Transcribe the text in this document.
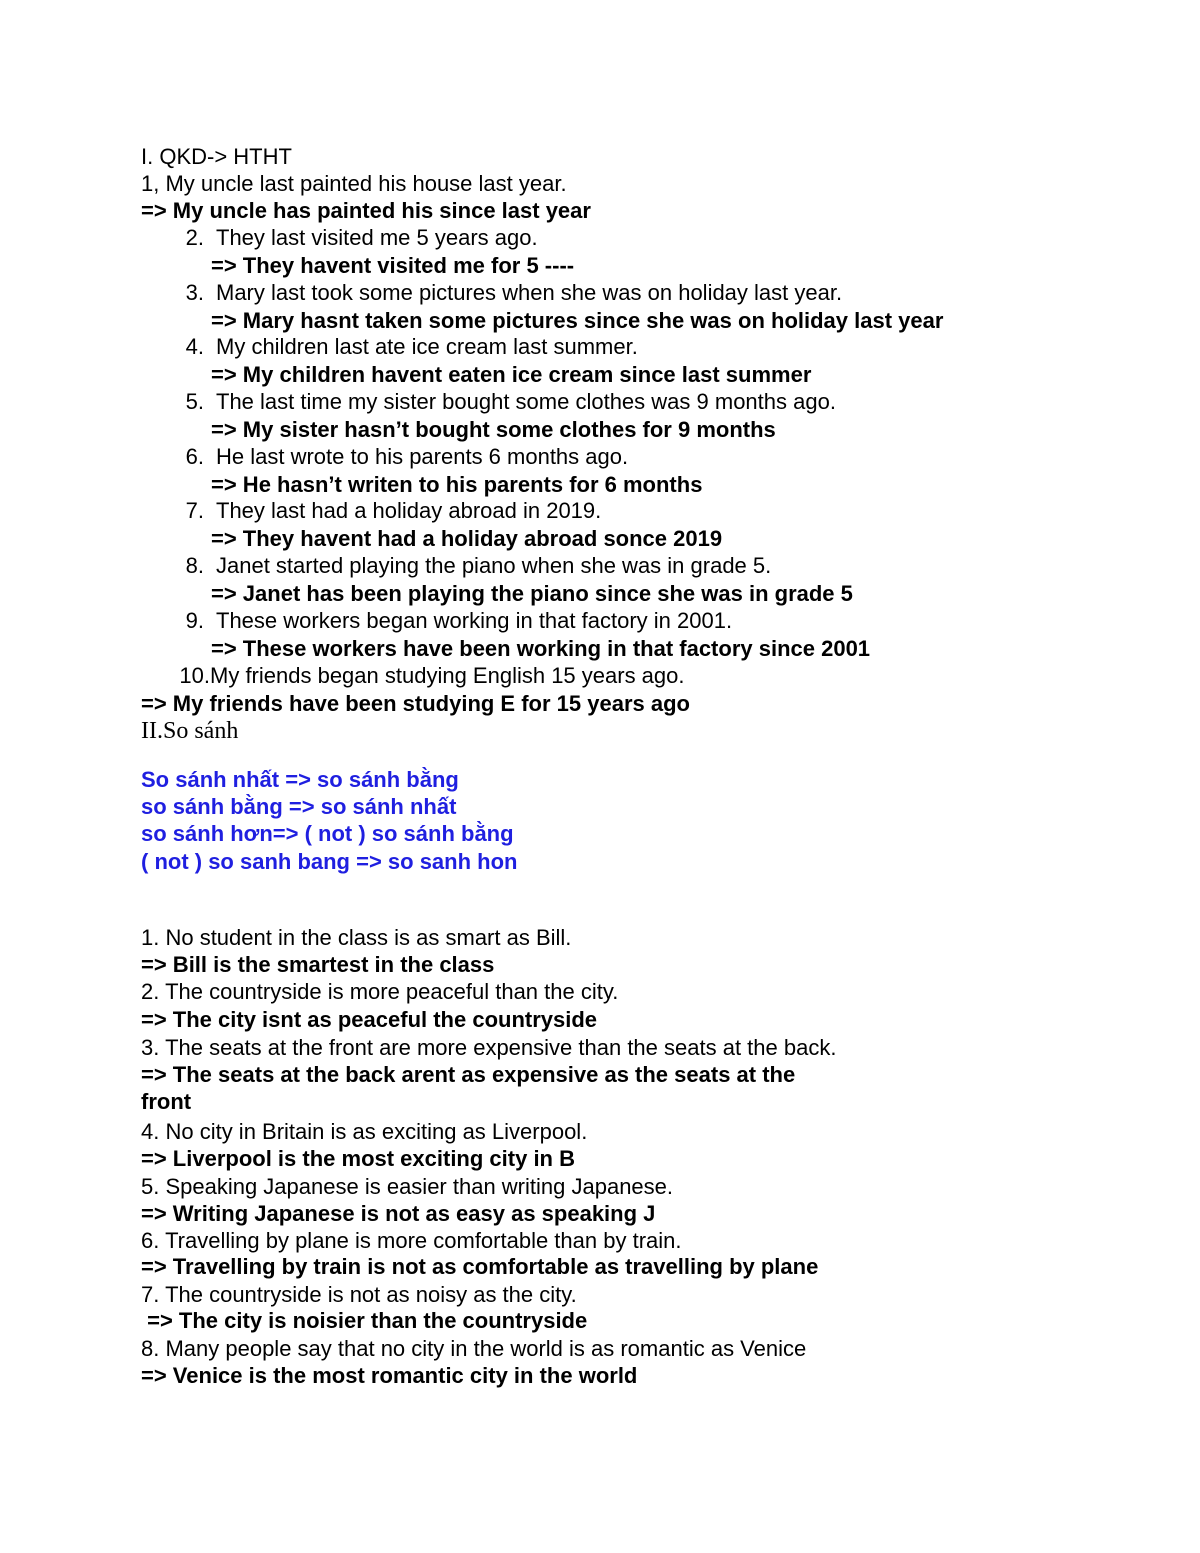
I. QKD-> HTHT
1, My uncle last painted his house last year.
=> My uncle has painted his since last year
2. They last visited me 5 years ago.
=> They havent visited me for 5 ----
3. Mary last took some pictures when she was on holiday last year.
=> Mary hasnt taken some pictures since she was on holiday last year
4. My children last ate ice cream last summer.
=> My children havent eaten ice cream since last summer
5. The last time my sister bought some clothes was 9 months ago.
=> My sister hasn’t bought some clothes for 9 months
6. He last wrote to his parents 6 months ago.
=> He hasn’t writen to his parents for 6 months
7. They last had a holiday abroad in 2019.
=> They havent had a holiday abroad sonce 2019
8. Janet started playing the piano when she was in grade 5.
=> Janet has been playing the piano since she was in grade 5
9. These workers began working in that factory in 2001.
=> These workers have been working in that factory since 2001
10.My friends began studying English 15 years ago.
=> My friends have been studying E for 15 years ago
II.So sánh
So sánh nhất => so sánh bằng
so sánh bằng => so sánh nhất
so sánh hơn=> ( not ) so sánh bằng
( not ) so sanh bang => so sanh hon
1. No student in the class is as smart as Bill.
=> Bill is the smartest in the class
2. The countryside is more peaceful than the city.
=> The city isnt as peaceful the countryside
3. The seats at the front are more expensive than the seats at the back.
=> The seats at the back arent as expensive as the seats at the
front
4. No city in Britain is as exciting as Liverpool.
=> Liverpool is the most exciting city in B
5. Speaking Japanese is easier than writing Japanese.
=> Writing Japanese is not as easy as speaking J
6. Travelling by plane is more comfortable than by train.
=> Travelling by train is not as comfortable as travelling by plane
7. The countryside is not as noisy as the city.
=> The city is noisier than the countryside
8. Many people say that no city in the world is as romantic as Venice
=> Venice is the most romantic city in the world
